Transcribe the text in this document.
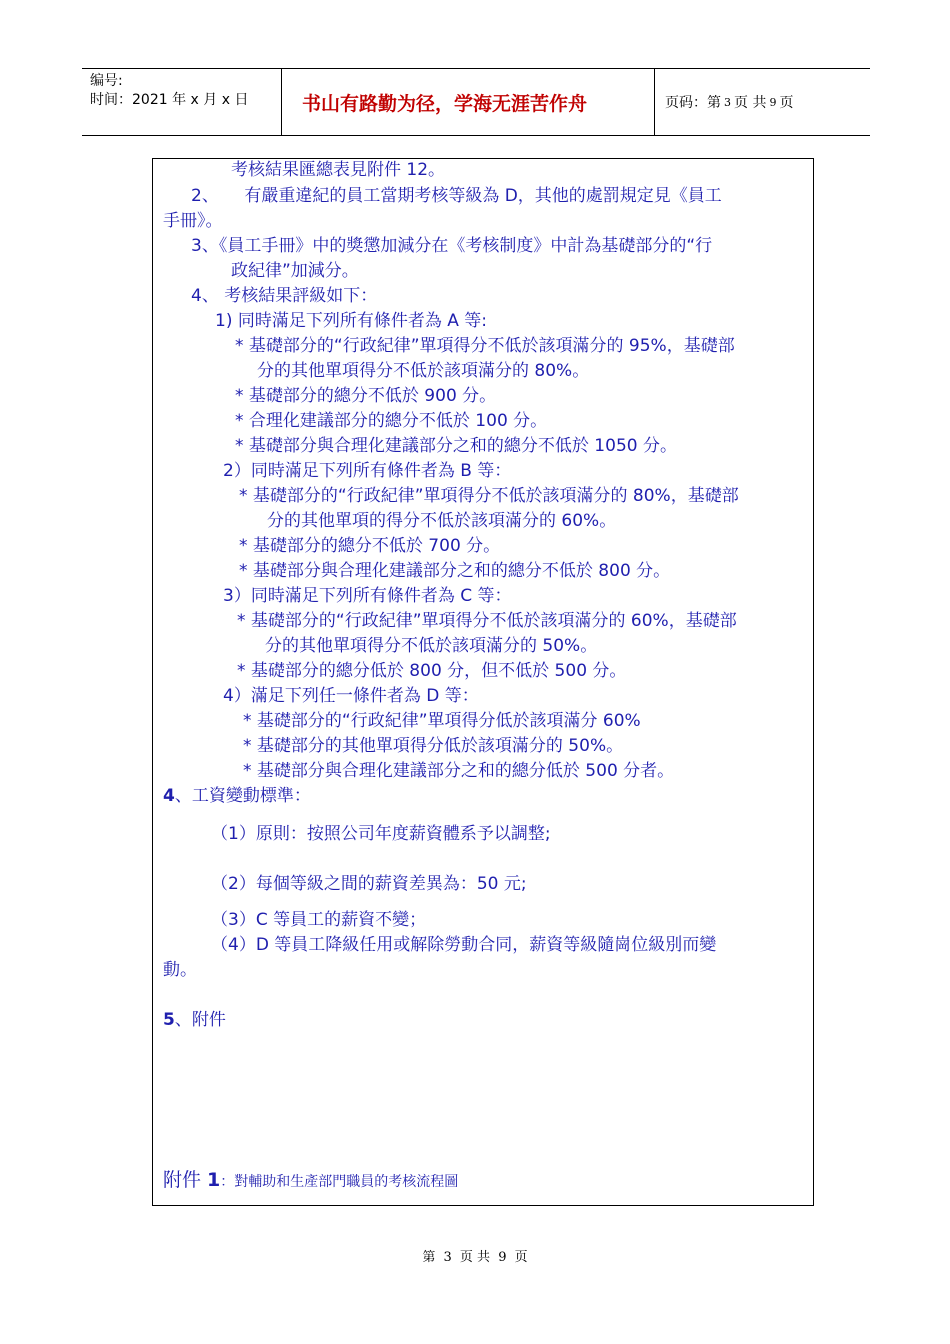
编号:
时间：2021 年 x 月 x 日	书山有路勤为径，学海无涯苦作舟	页码：第 3 页 共 9 页

考核結果匯總表見附件 12。

2、　　有嚴重違紀的員工當期考核等級為 D，其他的處罰規定見《員工

手冊》。

3、《員工手冊》中的獎懲加減分在《考核制度》中計為基礎部分的“行

政紀律”加減分。

4、 考核結果評級如下：

1) 同時滿足下列所有條件者為 A 等:

* 基礎部分的“行政紀律”單項得分不低於該項滿分的 95%，基礎部

分的其他單項得分不低於該項滿分的 80%。

* 基礎部分的總分不低於 900 分。

* 合理化建議部分的總分不低於 100 分。

* 基礎部分與合理化建議部分之和的總分不低於 1050 分。

2）同時滿足下列所有條件者為 B 等：

* 基礎部分的“行政紀律”單項得分不低於該項滿分的 80%，基礎部

分的其他單項的得分不低於該項滿分的 60%。

* 基礎部分的總分不低於 700 分。

* 基礎部分與合理化建議部分之和的總分不低於 800 分。

3）同時滿足下列所有條件者為 C 等：

* 基礎部分的“行政紀律”單項得分不低於該項滿分的 60%，基礎部

分的其他單項得分不低於該項滿分的 50%。

* 基礎部分的總分低於 800 分，但不低於 500 分。

4）滿足下列任一條件者為 D 等：

* 基礎部分的“行政紀律”單項得分低於該項滿分 60%

* 基礎部分的其他單項得分低於該項滿分的 50%。

* 基礎部分與合理化建議部分之和的總分低於 500 分者。

4、工資變動標準：

（1）原則：按照公司年度薪資體系予以調整;

（2）每個等級之間的薪資差異為：50 元;

（3）C 等員工的薪資不變；

（4）D 等員工降級任用或解除勞動合同，薪資等級隨崗位級別而變

動。

5、附件

附件 1：對輔助和生產部門職員的考核流程圖

第 3 页 共 9 页
